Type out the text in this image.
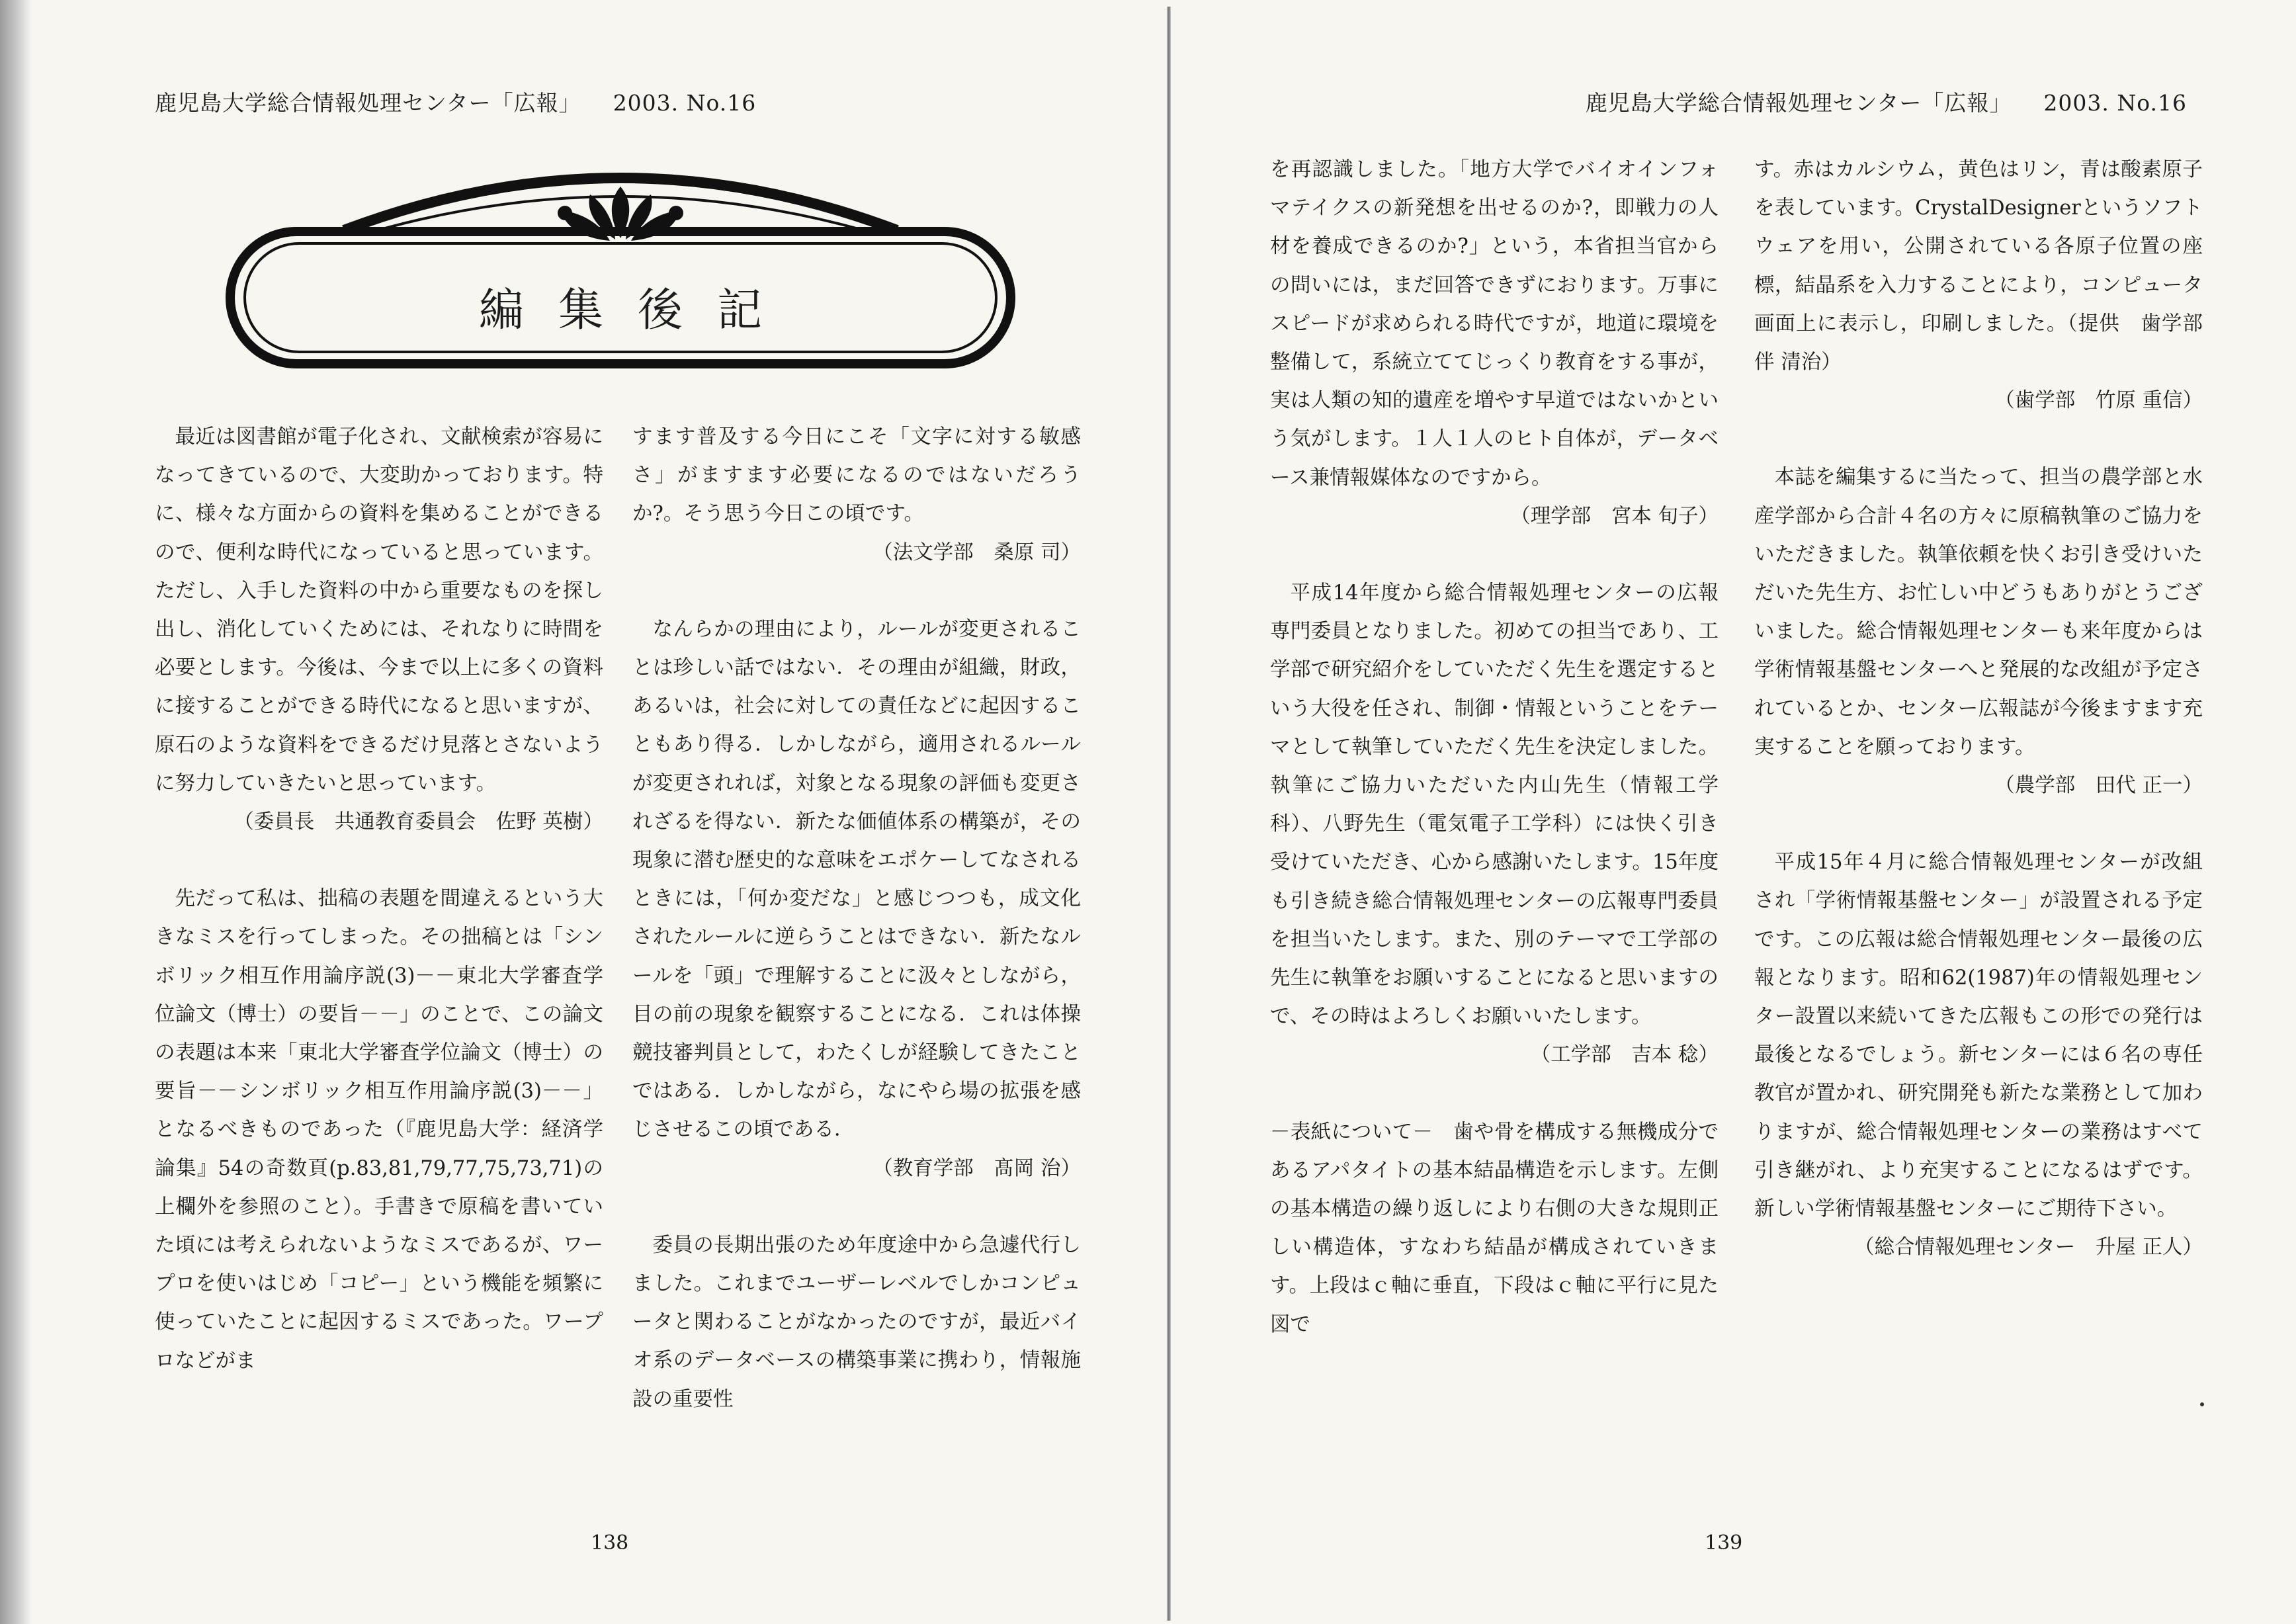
鹿児島大学総合情報処理センター「広報」 2003. No.16
編集後記

最近は図書館が電子化され、文献検索が容易になってきているので、大変助かっております。特に、様々な方面からの資料を集めることができるので、便利な時代になっていると思っています。ただし、入手した資料の中から重要なものを探し出し、消化していくためには、それなりに時間を必要とします。今後は、今まで以上に多くの資料に接することができる時代になると思いますが、原石のような資料をできるだけ見落とさないように努力していきたいと思っています。

（委員長　共通教育委員会　佐野 英樹）

先だって私は、拙稿の表題を間違えるという大きなミスを行ってしまった。その拙稿とは「シンボリック相互作用論序説(3)－－東北大学審査学位論文（博士）の要旨－－」のことで、この論文の表題は本来「東北大学審査学位論文（博士）の要旨－－シンボリック相互作用論序説(3)－－」となるべきものであった（『鹿児島大学：経済学論集』54の奇数頁(p.83,81,79,77,75,73,71)の上欄外を参照のこと）。手書きで原稿を書いていた頃には考えられないようなミスであるが、ワープロを使いはじめ「コピー」という機能を頻繁に使っていたことに起因するミスであった。ワープロなどがま

すます普及する今日にこそ「文字に対する敏感さ」がますます必要になるのではないだろうか?。そう思う今日この頃です。

（法文学部　桑原 司）

なんらかの理由により，ルールが変更されることは珍しい話ではない．その理由が組織，財政，あるいは，社会に対しての責任などに起因することもあり得る．しかしながら，適用されるルールが変更されれば，対象となる現象の評価も変更されざるを得ない．新たな価値体系の構築が，その現象に潜む歴史的な意味をエポケーしてなされるときには，「何か変だな」と感じつつも，成文化されたルールに逆らうことはできない．新たなルールを「頭」で理解することに汲々としながら，目の前の現象を観察することになる．これは体操競技審判員として，わたくしが経験してきたことではある．しかしながら，なにやら場の拡張を感じさせるこの頃である．

（教育学部　髙岡 治）

委員の長期出張のため年度途中から急遽代行しました。これまでユーザーレベルでしかコンピュータと関わることがなかったのですが，最近バイオ系のデータベースの構築事業に携わり，情報施設の重要性

138
鹿児島大学総合情報処理センター「広報」 2003. No.16

を再認識しました。「地方大学でバイオインフォマテイクスの新発想を出せるのか?，即戦力の人材を養成できるのか?」という，本省担当官からの問いには，まだ回答できずにおります。万事にスピードが求められる時代ですが，地道に環境を整備して，系統立ててじっくり教育をする事が，実は人類の知的遺産を増やす早道ではないかという気がします。１人１人のヒト自体が，データベース兼情報媒体なのですから。

（理学部　宮本 旬子）

平成14年度から総合情報処理センターの広報専門委員となりました。初めての担当であり、工学部で研究紹介をしていただく先生を選定するという大役を任され、制御・情報ということをテーマとして執筆していただく先生を決定しました。執筆にご協力いただいた内山先生（情報工学科）、八野先生（電気電子工学科）には快く引き受けていただき、心から感謝いたします。15年度も引き続き総合情報処理センターの広報専門委員を担当いたします。また、別のテーマで工学部の先生に執筆をお願いすることになると思いますので、その時はよろしくお願いいたします。

（工学部　吉本 稔）

－表紙について－　歯や骨を構成する無機成分であるアパタイトの基本結晶構造を示します。左側の基本構造の繰り返しにより右側の大きな規則正しい構造体，すなわち結晶が構成されていきます。上段はｃ軸に垂直，下段はｃ軸に平行に見た図で

す。赤はカルシウム，黄色はリン，青は酸素原子を表しています。CrystalDesignerというソフトウェアを用い，公開されている各原子位置の座標，結晶系を入力することにより，コンピュータ画面上に表示し，印刷しました。（提供　歯学部　伴 清治）

（歯学部　竹原 重信）

本誌を編集するに当たって、担当の農学部と水産学部から合計４名の方々に原稿執筆のご協力をいただきました。執筆依頼を快くお引き受けいただいた先生方、お忙しい中どうもありがとうございました。総合情報処理センターも来年度からは学術情報基盤センターへと発展的な改組が予定されているとか、センター広報誌が今後ますます充実することを願っております。

（農学部　田代 正一）

平成15年４月に総合情報処理センターが改組され「学術情報基盤センター」が設置される予定です。この広報は総合情報処理センター最後の広報となります。昭和62(1987)年の情報処理センター設置以来続いてきた広報もこの形での発行は最後となるでしょう。新センターには６名の専任教官が置かれ、研究開発も新たな業務として加わりますが、総合情報処理センターの業務はすべて引き継がれ、より充実することになるはずです。新しい学術情報基盤センターにご期待下さい。

（総合情報処理センター　升屋 正人）
139
